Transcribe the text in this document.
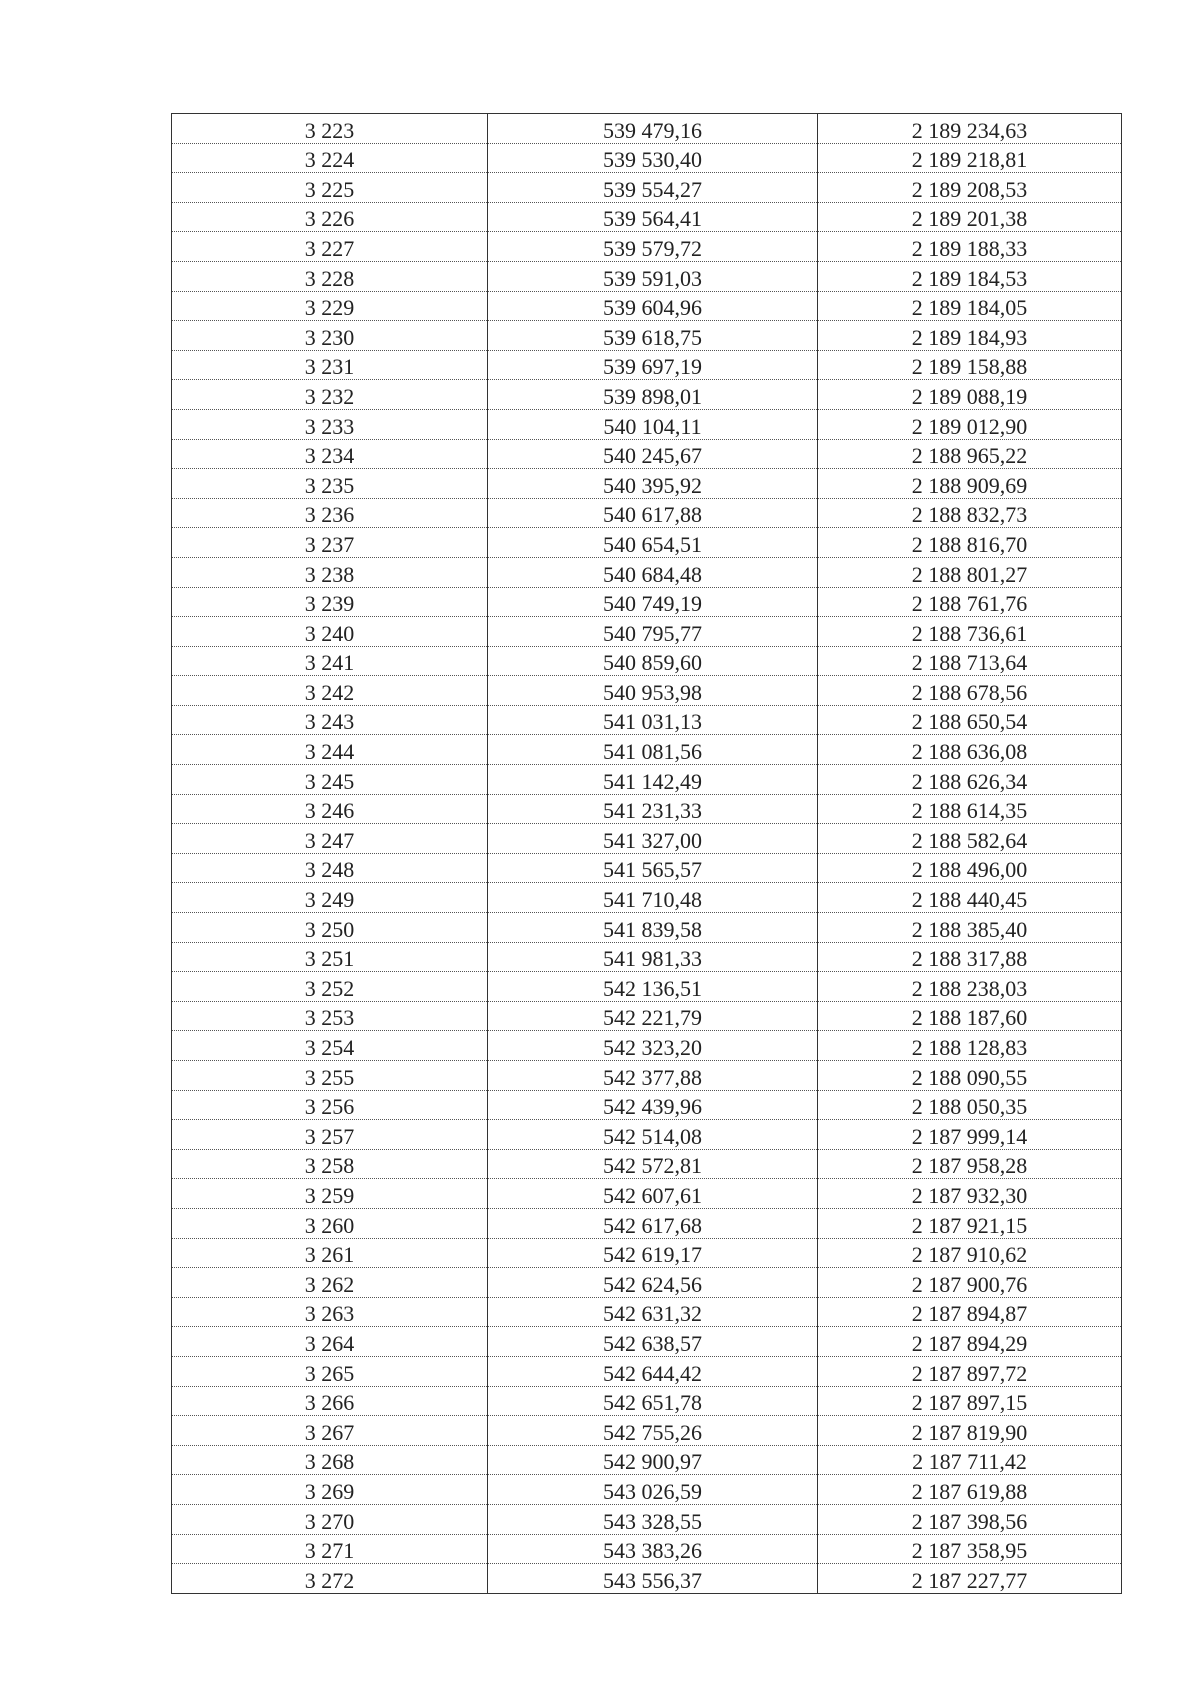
3 223	539 479,16	2 189 234,63
3 224	539 530,40	2 189 218,81
3 225	539 554,27	2 189 208,53
3 226	539 564,41	2 189 201,38
3 227	539 579,72	2 189 188,33
3 228	539 591,03	2 189 184,53
3 229	539 604,96	2 189 184,05
3 230	539 618,75	2 189 184,93
3 231	539 697,19	2 189 158,88
3 232	539 898,01	2 189 088,19
3 233	540 104,11	2 189 012,90
3 234	540 245,67	2 188 965,22
3 235	540 395,92	2 188 909,69
3 236	540 617,88	2 188 832,73
3 237	540 654,51	2 188 816,70
3 238	540 684,48	2 188 801,27
3 239	540 749,19	2 188 761,76
3 240	540 795,77	2 188 736,61
3 241	540 859,60	2 188 713,64
3 242	540 953,98	2 188 678,56
3 243	541 031,13	2 188 650,54
3 244	541 081,56	2 188 636,08
3 245	541 142,49	2 188 626,34
3 246	541 231,33	2 188 614,35
3 247	541 327,00	2 188 582,64
3 248	541 565,57	2 188 496,00
3 249	541 710,48	2 188 440,45
3 250	541 839,58	2 188 385,40
3 251	541 981,33	2 188 317,88
3 252	542 136,51	2 188 238,03
3 253	542 221,79	2 188 187,60
3 254	542 323,20	2 188 128,83
3 255	542 377,88	2 188 090,55
3 256	542 439,96	2 188 050,35
3 257	542 514,08	2 187 999,14
3 258	542 572,81	2 187 958,28
3 259	542 607,61	2 187 932,30
3 260	542 617,68	2 187 921,15
3 261	542 619,17	2 187 910,62
3 262	542 624,56	2 187 900,76
3 263	542 631,32	2 187 894,87
3 264	542 638,57	2 187 894,29
3 265	542 644,42	2 187 897,72
3 266	542 651,78	2 187 897,15
3 267	542 755,26	2 187 819,90
3 268	542 900,97	2 187 711,42
3 269	543 026,59	2 187 619,88
3 270	543 328,55	2 187 398,56
3 271	543 383,26	2 187 358,95
3 272	543 556,37	2 187 227,77
